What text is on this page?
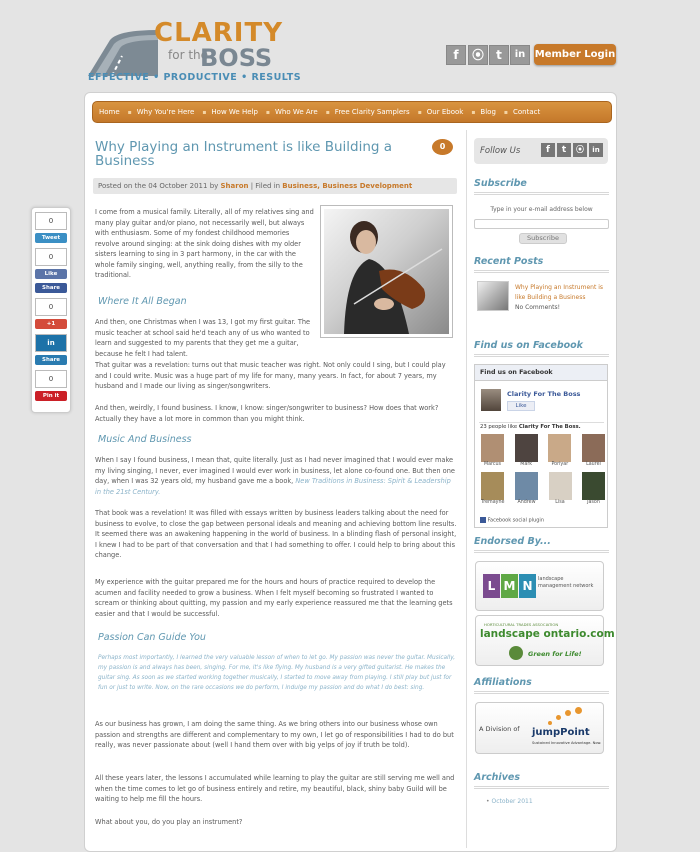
CLARITY
for the
BOSS
EFFECTIVE • PRODUCTIVE • RESULTS
f	⦿	t	in Member Login
Home	▪ Why You're Here	▪ How We Help	▪ Who We Are	▪ Free Clarity Samplers	▪ Our Ebook	▪ Blog	▪ Contact
Why Playing an Instrument is like Building a Business
0
Posted on the 04 October 2011 by Sharon | Filed in Business, Business Development
I come from a musical family. Literally, all of my relatives sing and many play guitar and/or piano, not necessarily well, but always with enthusiasm. Some of my fondest childhood memories revolve around singing: at the sink doing dishes with my older sisters learning to sing in 3 part harmony, in the car with the whole family singing, well, anything really, from the silly to the traditional.
Where It All Began
And then, one Christmas when I was 13, I got my first guitar. The music teacher at school said he'd teach any of us who wanted to learn and suggested to my parents that they get me a guitar, because he felt I had talent.
That guitar was a revelation: turns out that music teacher was right. Not only could I sing, but I could play and I could write. Music was a huge part of my life for many, many years. In fact, for about 7 years, my husband and I made our living as singer/songwriters.
And then, weirdly, I found business. I know, I know: singer/songwriter to business? How does that work? Actually they have a lot more in common than you might think.
Music And Business
When I say I found business, I mean that, quite literally. Just as I had never imagined that I would ever make my living singing, I never, ever imagined I would ever work in business, let alone co-found one. But then one day, when I was 32 years old, my husband gave me a book, New Traditions in Business: Spirit & Leadership in the 21st Century.
That book was a revelation! It was filled with essays written by business leaders talking about the need for business to evolve, to close the gap between personal ideals and meaning and achieving bottom line results. It seemed there was an awakening happening in the world of business. In a blinding flash of personal insight, I knew I had to be part of that conversation and that I had something to offer. I could help to bring about this change.
My experience with the guitar prepared me for the hours and hours of practice required to develop the acumen and facility needed to grow a business. When I felt myself becoming so frustrated I wanted to scream or thinking about quitting, my passion and my early experience reassured me that the learning gets easier and that I would be successful.
Passion Can Guide You
Perhaps most importantly, I learned the very valuable lesson of when to let go. My passion was never the guitar. Musically, my passion is and always has been, singing. For me, it's like flying. My husband is a very gifted guitarist. He makes the guitar sing. As soon as we started working together musically, I started to move away from playing. I still play but just for fun or just to write. Now, on the rare occasions we do perform, I indulge my passion and do what I do best: sing.
As our business has grown, I am doing the same thing. As we bring others into our business whose own passion and strengths are different and complementary to my own, I let go of responsibilities I had to do but really, was never passionate about (well I hand them over with big yelps of joy if truth be told).
All these years later, the lessons I accumulated while learning to play the guitar are still serving me well and when the time comes to let go of business entirely and retire, my beautiful, black, shiny baby Guild will be waiting to help me fill the hours.
What about you, do you play an instrument?
0
Tweet
0
Like
Share
0
+1
in
Share
0
Pin it
Follow Us	f	t	⦿	in
Subscribe
Type in your e-mail address below
Subscribe
Recent Posts
Why Playing an Instrument is like Building a Business
No Comments!
Find us on Facebook
Find us on Facebook
Clarity For The Boss
Like
23 people like Clarity For The Boss.
Marcus	Mark	Poriyar	Laurel
Tremayne	Andrew	Lisa	Jason
Facebook social plugin
Endorsed By...
L M N	landscape management network
HORTICULTURAL TRADES ASSOCIATION
landscape ontario.com
Green for Life!
Affiliations
A Division of jumpPoint
Sustained Innovative Advantage. Now.
Archives
• October 2011
